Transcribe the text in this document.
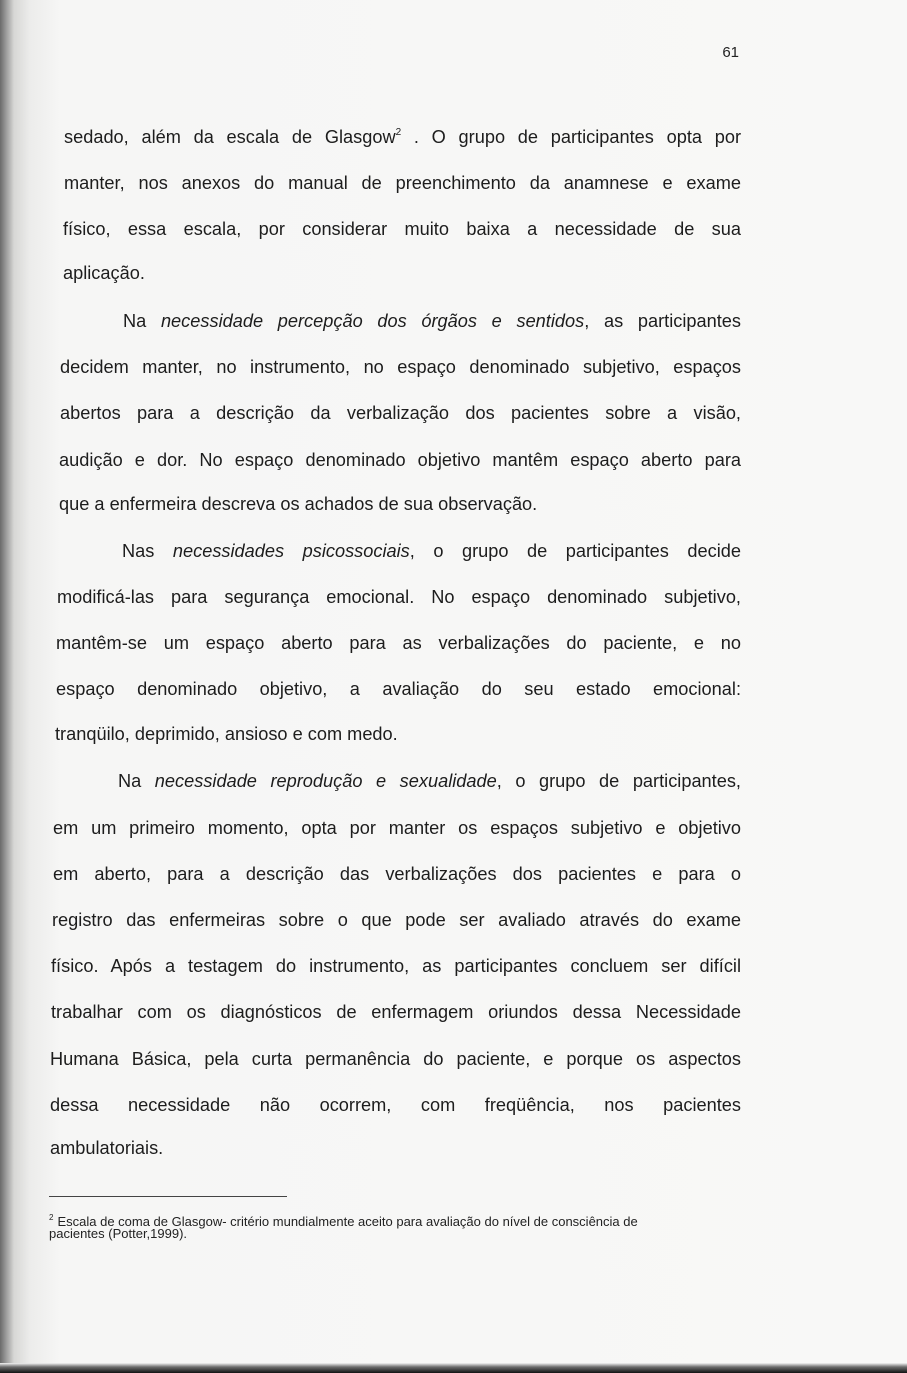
61
sedado, além da escala de Glasgow$^2$ . O grupo de participantes opta por
manter, nos anexos do manual de preenchimento da anamnese e exame
físico, essa escala, por considerar muito baixa a necessidade de sua
aplicação.
Na necessidade percepção dos órgãos e sentidos, as participantes
decidem manter, no instrumento, no espaço denominado subjetivo, espaços
abertos para a descrição da verbalização dos pacientes sobre a visão,
audição e dor. No espaço denominado objetivo mantêm espaço aberto para
que a enfermeira descreva os achados de sua observação.
Nas necessidades psicossociais, o grupo de participantes decide
modificá-las para segurança emocional. No espaço denominado subjetivo,
mantêm-se um espaço aberto para as verbalizações do paciente, e no
espaço denominado objetivo, a avaliação do seu estado emocional:
tranqüilo, deprimido, ansioso e com medo.
Na necessidade reprodução e sexualidade, o grupo de participantes,
em um primeiro momento, opta por manter os espaços subjetivo e objetivo
em aberto, para a descrição das verbalizações dos pacientes e para o
registro das enfermeiras sobre o que pode ser avaliado através do exame
físico. Após a testagem do instrumento, as participantes concluem ser difícil
trabalhar com os diagnósticos de enfermagem oriundos dessa Necessidade
Humana Básica, pela curta permanência do paciente, e porque os aspectos
dessa necessidade não ocorrem, com freqüência, nos pacientes
ambulatoriais.
$^2$ Escala de coma de Glasgow- critério mundialmente aceito para avaliação do nível de consciência de
pacientes (Potter,1999).
